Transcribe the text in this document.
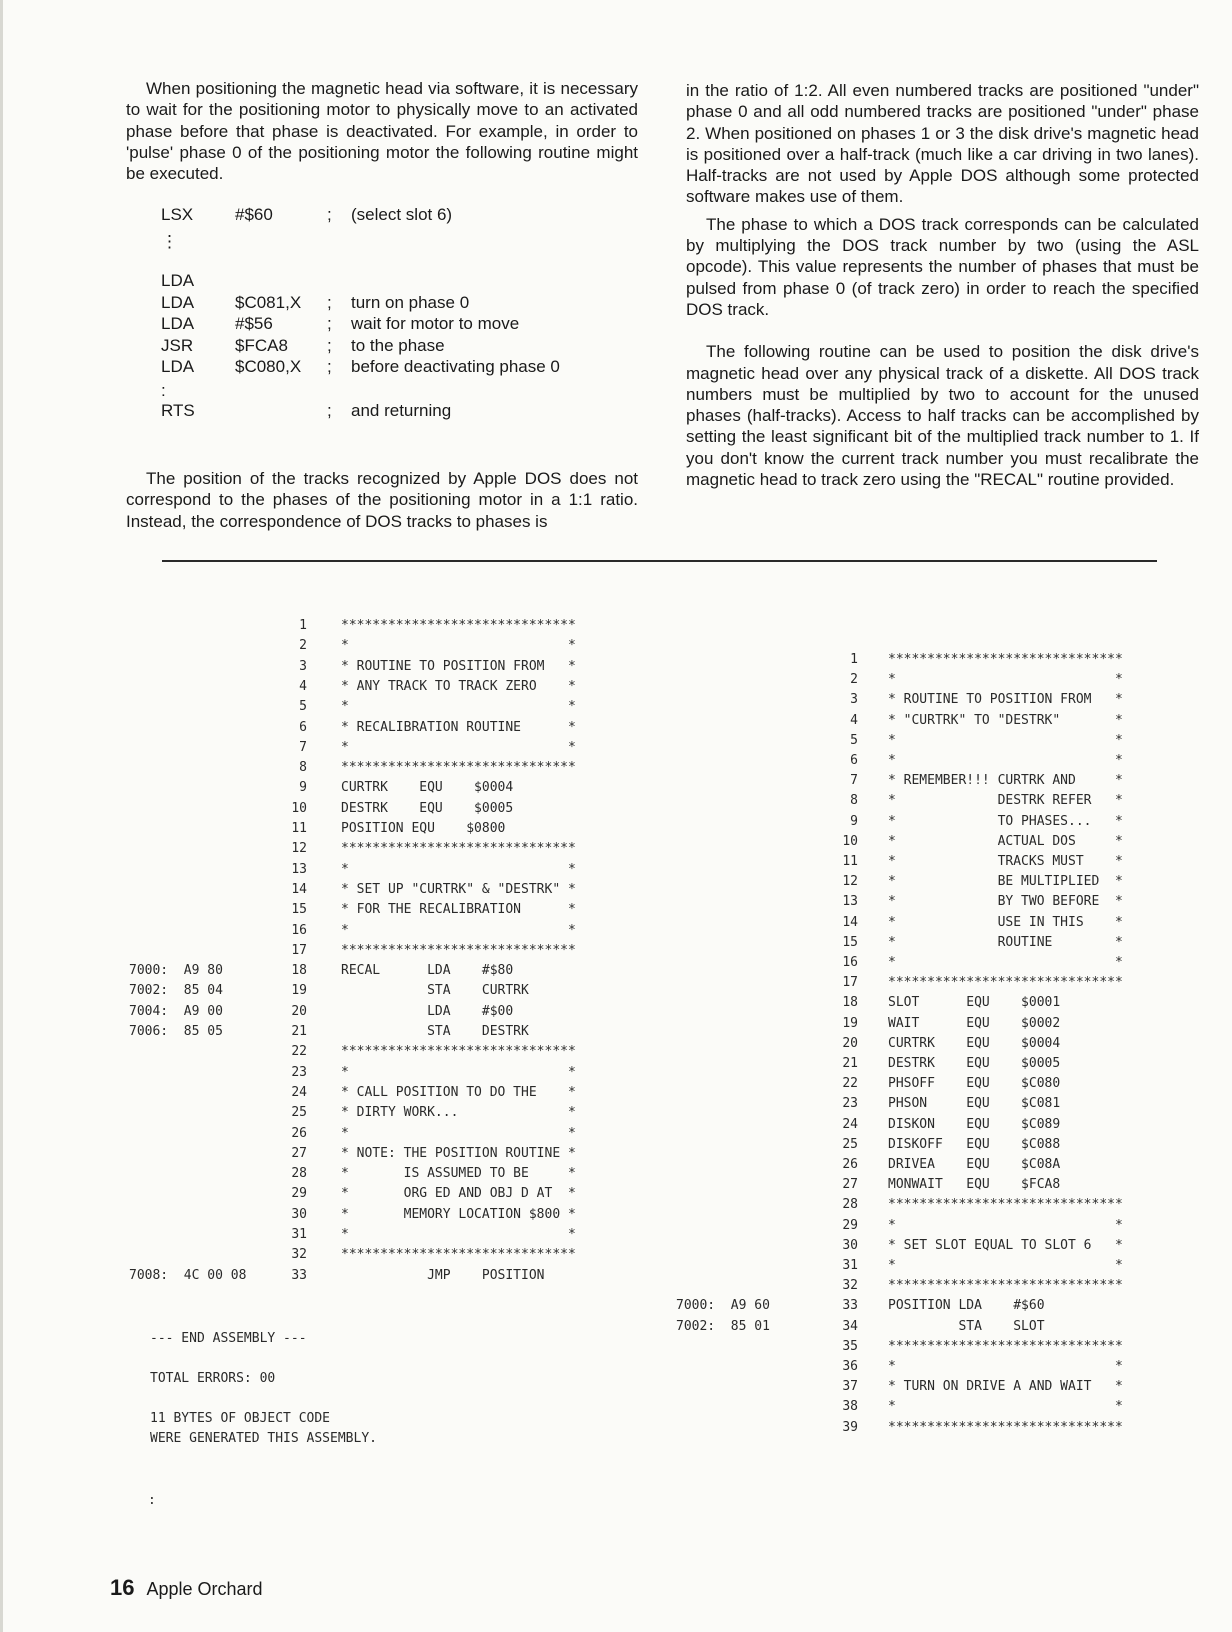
When positioning the magnetic head via software, it is necessary to wait for the positioning motor to physically move to an activated phase before that phase is deactivated. For example, in order to 'pulse' phase 0 of the positioning motor the following routine might be executed.

LSX #$60	; (select slot 6)
⋮
LDA
LDA $C081,X ; turn on phase 0
LDA #$56	; wait for motor to move
JSR $FCA8 ; to the phase
LDA $C080,X ; before deactivating phase 0
:
RTS	; and returning

The position of the tracks recognized by Apple DOS does not correspond to the phases of the positioning motor in a 1:1 ratio. Instead, the correspondence of DOS tracks to phases is

in the ratio of 1:2. All even numbered tracks are positioned "under" phase 0 and all odd numbered tracks are positioned "under" phase 2. When positioned on phases 1 or 3 the disk drive's magnetic head is positioned over a half-track (much like a car driving in two lanes). Half-tracks are not used by Apple DOS although some protected software makes use of them.

The phase to which a DOS track corresponds can be calculated by multiplying the DOS track number by two (using the ASL opcode). This value represents the number of phases that must be pulsed from phase 0 (of track zero) in order to reach the specified DOS track.

The following routine can be used to position the disk drive's magnetic head over any physical track of a diskette. All DOS track numbers must be multiplied by two to account for the unused phases (half-tracks). Access to half tracks can be accomplished by setting the least significant bit of the multiplied track number to 1. If you don't know the current track number you must recalibrate the magnetic head to track zero using the "RECAL" routine provided.

1	******************************
2	*                            *
3	* ROUTINE TO POSITION FROM   *
4	* ANY TRACK TO TRACK ZERO    *
5	*                            *
6	* RECALIBRATION ROUTINE      *
7	*                            *
8	******************************
9	CURTRK    EQU    $0004
10	DESTRK    EQU    $0005
11	POSITION EQU    $0800
12	******************************
13	*                            *
14	* SET UP "CURTRK" & "DESTRK" *
15	* FOR THE RECALIBRATION      *
16	*                            *
17	******************************
7000:  A9 80	18	RECAL      LDA    #$80
7002:  85 04	19	STA    CURTRK
7004:  A9 00	20	LDA    #$00
7006:  85 05	21	STA    DESTRK
22	******************************
23	*                            *
24	* CALL POSITION TO DO THE    *
25	* DIRTY WORK...              *
26	*                            *
27	* NOTE: THE POSITION ROUTINE *
28	*       IS ASSUMED TO BE     *
29	*       ORG ED AND OBJ D AT  *
30	*       MEMORY LOCATION $800 *
31	*                            *
32	******************************
7008:  4C 00 08	33	JMP    POSITION
--- END ASSEMBLY ---
TOTAL ERRORS: 00
11 BYTES OF OBJECT CODE
WERE GENERATED THIS ASSEMBLY.
:
1 ******************************
2 *                            *
3 * ROUTINE TO POSITION FROM   *
4 * "CURTRK" TO "DESTRK"       *
5 *                            *
6 *                            *
7 * REMEMBER!!! CURTRK AND     *
8 *             DESTRK REFER   *
9 *             TO PHASES...   *
10 *             ACTUAL DOS     *
11 *             TRACKS MUST    *
12 *             BE MULTIPLIED  *
13 *             BY TWO BEFORE  *
14 *             USE IN THIS    *
15 *             ROUTINE        *
16 *                            *
17 ******************************
18 SLOT      EQU    $0001
19 WAIT      EQU    $0002
20 CURTRK    EQU    $0004
21 DESTRK    EQU    $0005
22 PHSOFF    EQU    $C080
23 PHSON     EQU    $C081
24 DISKON    EQU    $C089
25 DISKOFF   EQU    $C088
26 DRIVEA    EQU    $C08A
27 MONWAIT   EQU    $FCA8
28 ******************************
29 *                            *
30 * SET SLOT EQUAL TO SLOT 6   *
31 *                            *
32 ******************************
7000:  A9 60	33 POSITION LDA    #$60
7002:  85 01	34 STA    SLOT
35 ******************************
36 *                            *
37 * TURN ON DRIVE A AND WAIT   *
38 *                            *
39 ******************************
16 Apple Orchard
